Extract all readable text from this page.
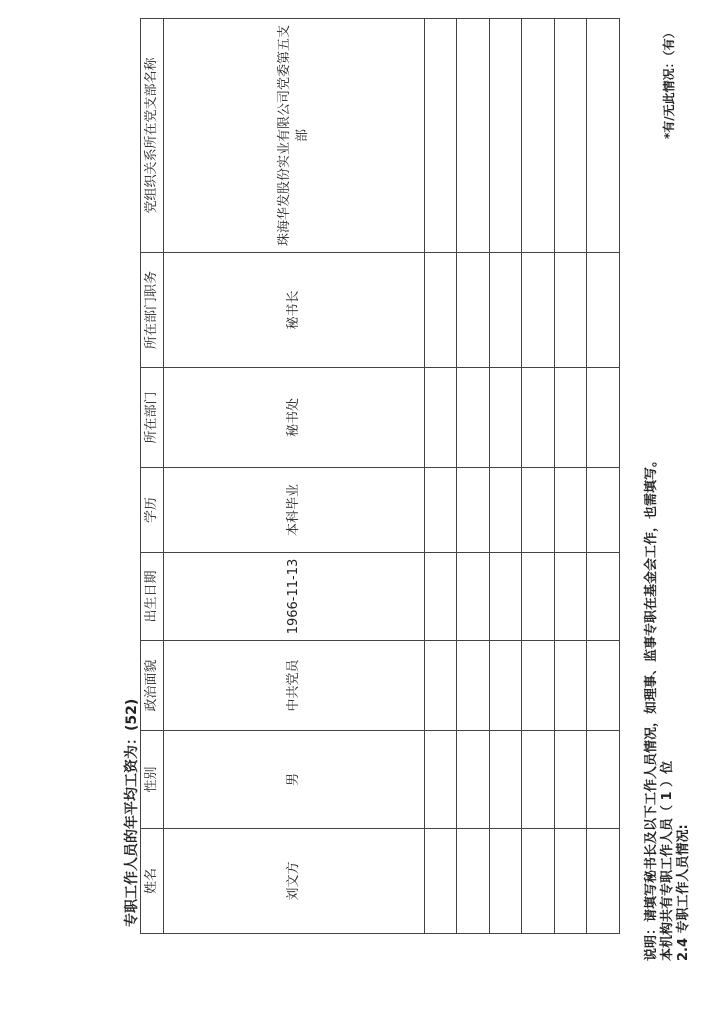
2.4 专职工作人员情况:
本机构共有专职工作人员（ 1 ）位
说明：请填写秘书长及以下工作人员情况，如理事、监事专职在基金会工作，也需填写。
*有/无此情况：（有）
姓名	性别	政治面貌	出生日期	学历	所在部门	所在部门职务	党组织关系所在党支部名称
刘文方	男	中共党员	1966-11-13	本科毕业	秘书处	秘书长	珠海华发股份实业有限公司党委第五支部

专职工作人员的年平均工资为：(52)
